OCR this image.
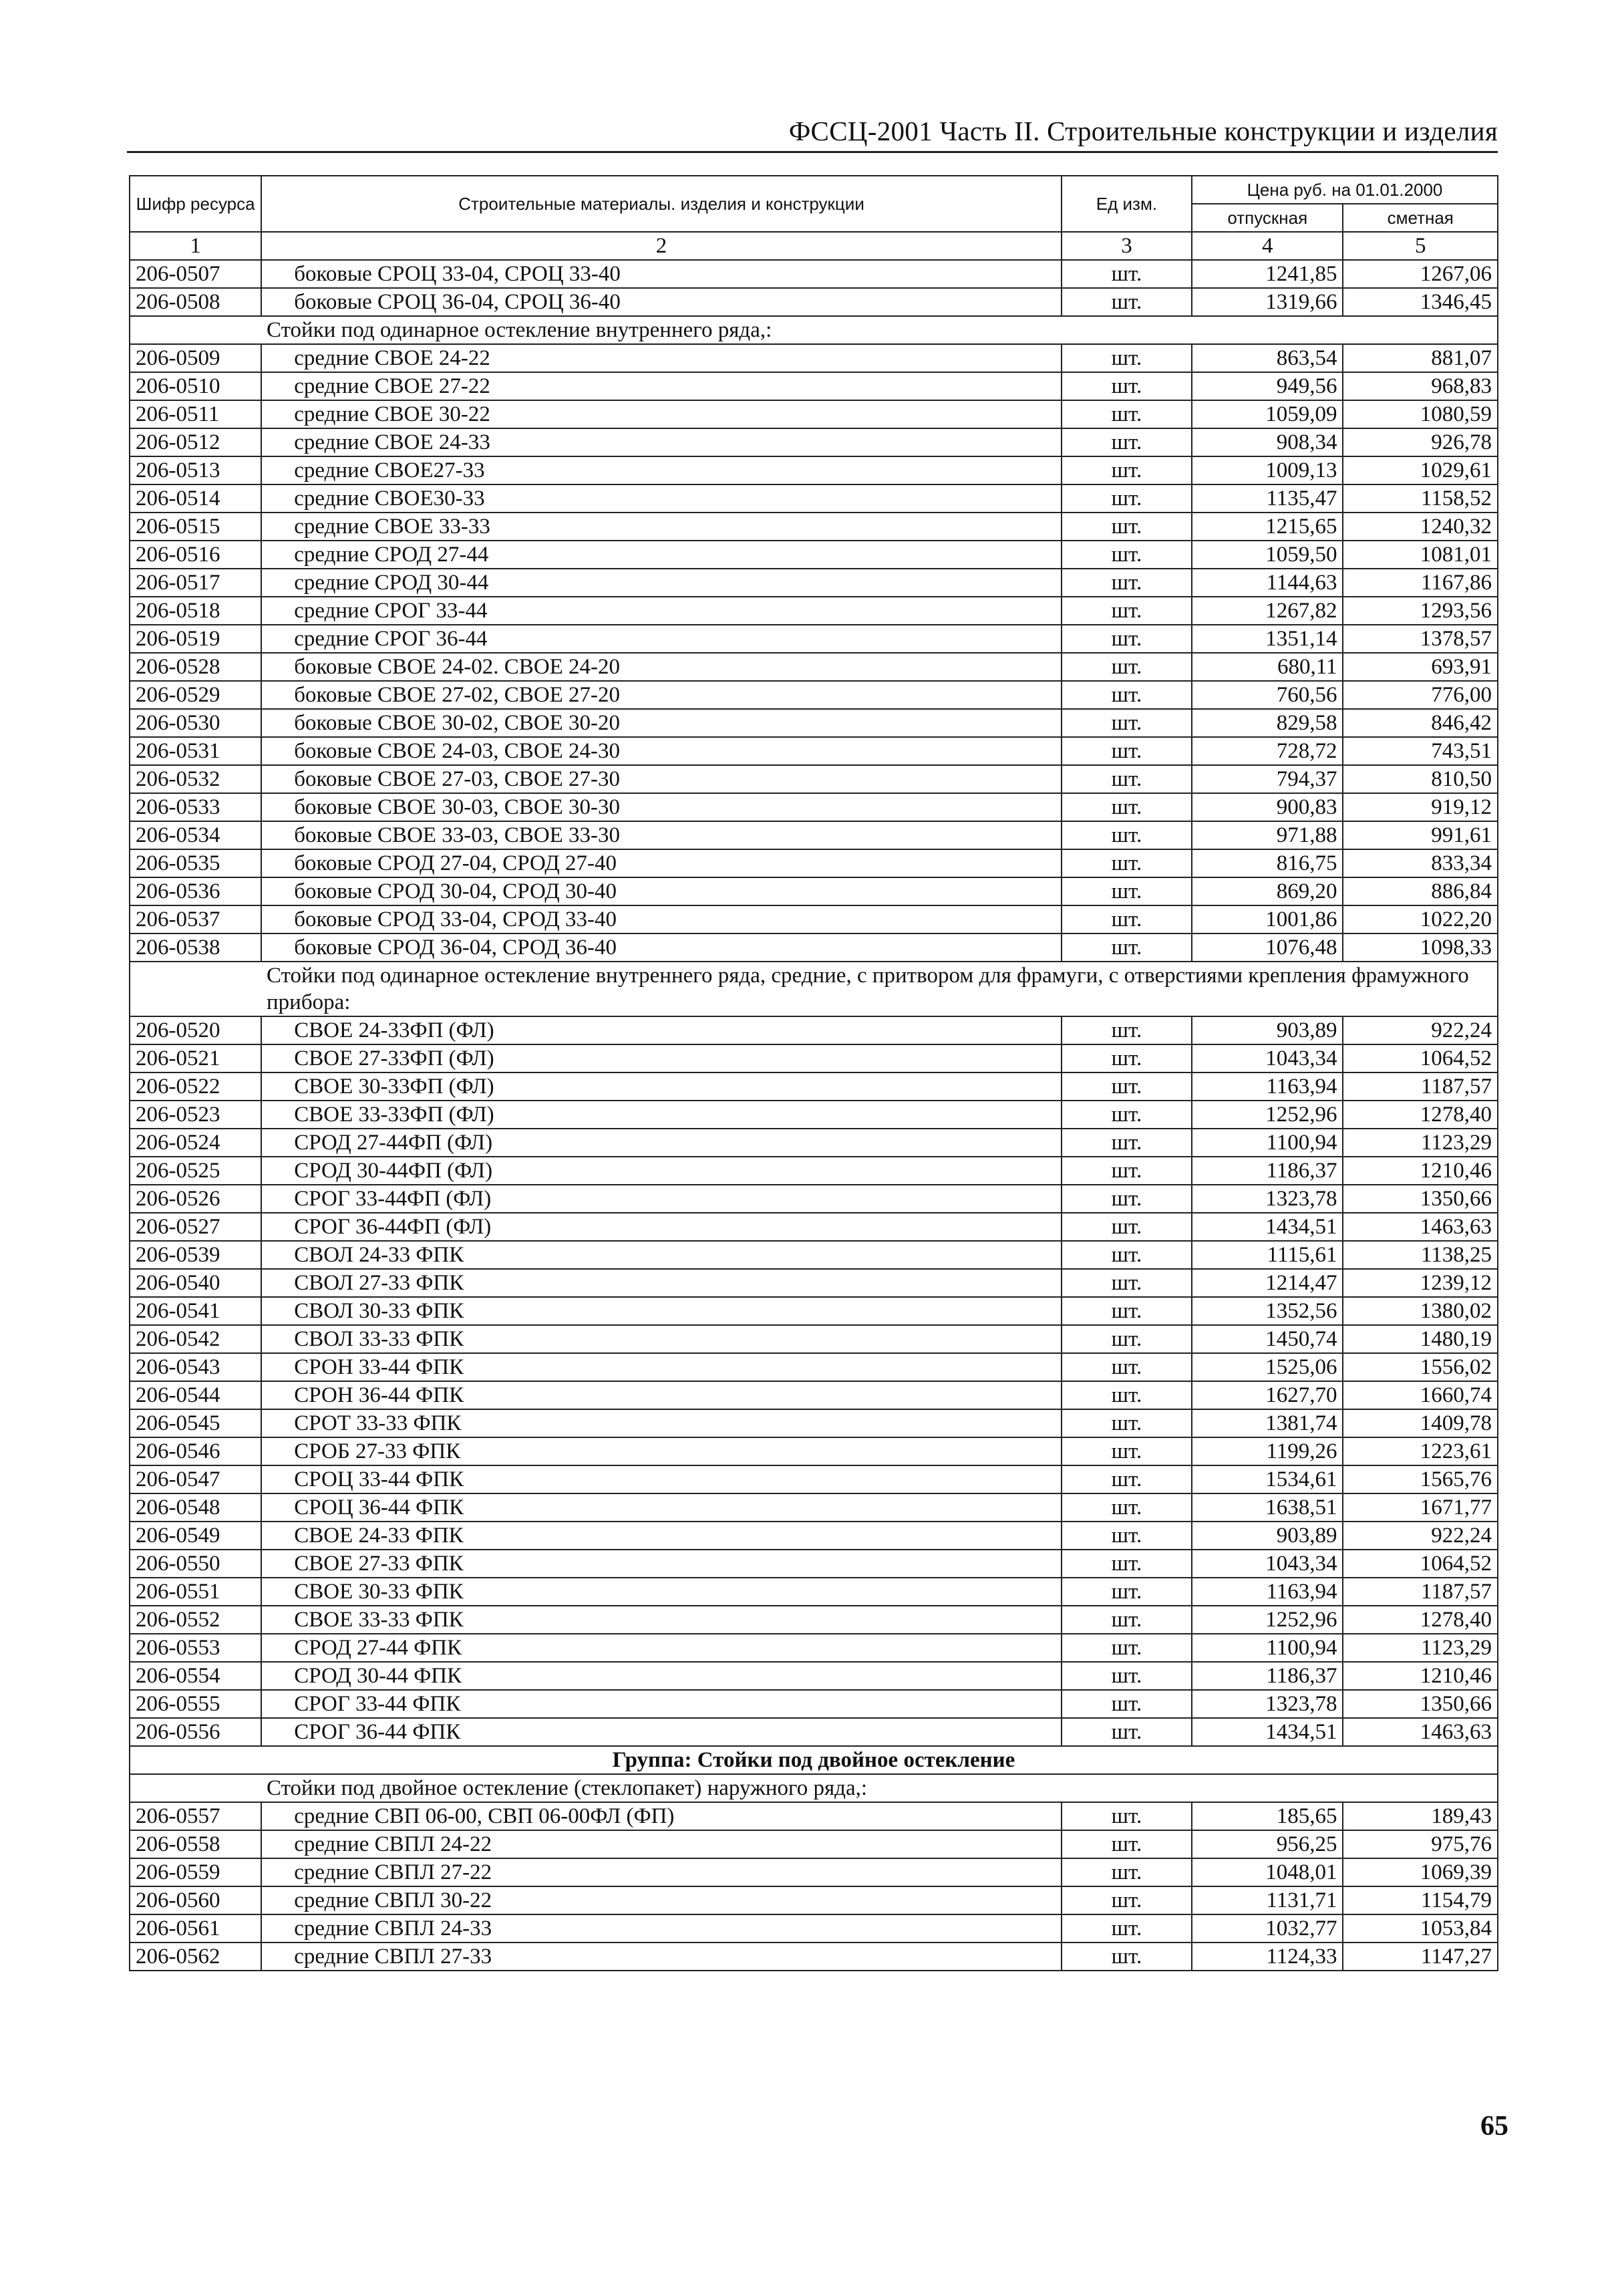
ФССЦ-2001 Часть II. Строительные конструкции и изделия
Шифр ресурса	Строительные материалы. изделия и конструкции	Ед изм.	Цена руб. на 01.01.2000	
			отпускная	сметная
1	2	3	4	5
206-0507	боковые СРОЦ 33-04, СРОЦ 33-40	шт.	1241,85	1267,06
206-0508	боковые СРОЦ 36-04, СРОЦ 36-40	шт.	1319,66	1346,45
Стойки под одинарное остекление внутреннего ряда,:				
206-0509	средние СВОЕ 24-22	шт.	863,54	881,07
206-0510	средние СВОЕ 27-22	шт.	949,56	968,83
206-0511	средние СВОЕ 30-22	шт.	1059,09	1080,59
206-0512	средние СВОЕ 24-33	шт.	908,34	926,78
206-0513	средние СВОЕ27-33	шт.	1009,13	1029,61
206-0514	средние СВОЕ30-33	шт.	1135,47	1158,52
206-0515	средние СВОЕ 33-33	шт.	1215,65	1240,32
206-0516	средние СРОД 27-44	шт.	1059,50	1081,01
206-0517	средние СРОД 30-44	шт.	1144,63	1167,86
206-0518	средние СРОГ 33-44	шт.	1267,82	1293,56
206-0519	средние СРОГ 36-44	шт.	1351,14	1378,57
206-0528	боковые СВОЕ 24-02. СВОЕ 24-20	шт.	680,11	693,91
206-0529	боковые СВОЕ 27-02, СВОЕ 27-20	шт.	760,56	776,00
206-0530	боковые СВОЕ 30-02, СВОЕ 30-20	шт.	829,58	846,42
206-0531	боковые СВОЕ 24-03, СВОЕ 24-30	шт.	728,72	743,51
206-0532	боковые СВОЕ 27-03, СВОЕ 27-30	шт.	794,37	810,50
206-0533	боковые СВОЕ 30-03, СВОЕ 30-30	шт.	900,83	919,12
206-0534	боковые СВОЕ 33-03, СВОЕ 33-30	шт.	971,88	991,61
206-0535	боковые СРОД 27-04, СРОД 27-40	шт.	816,75	833,34
206-0536	боковые СРОД 30-04, СРОД 30-40	шт.	869,20	886,84
206-0537	боковые СРОД 33-04, СРОД 33-40	шт.	1001,86	1022,20
206-0538	боковые СРОД 36-04, СРОД 36-40	шт.	1076,48	1098,33
Стойки под одинарное остекление внутреннего ряда, средние, с притвором для фрамуги, с отверстиями крепления фрамужного прибора:				
206-0520	СВОЕ 24-33ФП (ФЛ)	шт.	903,89	922,24
206-0521	СВОЕ 27-33ФП (ФЛ)	шт.	1043,34	1064,52
206-0522	СВОЕ 30-33ФП (ФЛ)	шт.	1163,94	1187,57
206-0523	СВОЕ 33-33ФП (ФЛ)	шт.	1252,96	1278,40
206-0524	СРОД 27-44ФП (ФЛ)	шт.	1100,94	1123,29
206-0525	СРОД 30-44ФП (ФЛ)	шт.	1186,37	1210,46
206-0526	СРОГ 33-44ФП (ФЛ)	шт.	1323,78	1350,66
206-0527	СРОГ 36-44ФП (ФЛ)	шт.	1434,51	1463,63
206-0539	СВОЛ 24-33 ФПК	шт.	1115,61	1138,25
206-0540	СВОЛ 27-33 ФПК	шт.	1214,47	1239,12
206-0541	СВОЛ 30-33 ФПК	шт.	1352,56	1380,02
206-0542	СВОЛ 33-33 ФПК	шт.	1450,74	1480,19
206-0543	СРОН 33-44 ФПК	шт.	1525,06	1556,02
206-0544	СРОН 36-44 ФПК	шт.	1627,70	1660,74
206-0545	СРОТ 33-33 ФПК	шт.	1381,74	1409,78
206-0546	СРОБ 27-33 ФПК	шт.	1199,26	1223,61
206-0547	СРОЦ 33-44 ФПК	шт.	1534,61	1565,76
206-0548	СРОЦ 36-44 ФПК	шт.	1638,51	1671,77
206-0549	СВОЕ 24-33 ФПК	шт.	903,89	922,24
206-0550	СВОЕ 27-33 ФПК	шт.	1043,34	1064,52
206-0551	СВОЕ 30-33 ФПК	шт.	1163,94	1187,57
206-0552	СВОЕ 33-33 ФПК	шт.	1252,96	1278,40
206-0553	СРОД 27-44 ФПК	шт.	1100,94	1123,29
206-0554	СРОД 30-44 ФПК	шт.	1186,37	1210,46
206-0555	СРОГ 33-44 ФПК	шт.	1323,78	1350,66
206-0556	СРОГ 36-44 ФПК	шт.	1434,51	1463,63
Группа: Стойки под двойное остекление				
Стойки под двойное остекление (стеклопакет) наружного ряда,:				
206-0557	средние СВП 06-00, СВП 06-00ФЛ (ФП)	шт.	185,65	189,43
206-0558	средние СВПЛ 24-22	шт.	956,25	975,76
206-0559	средние СВПЛ 27-22	шт.	1048,01	1069,39
206-0560	средние СВПЛ 30-22	шт.	1131,71	1154,79
206-0561	средние СВПЛ 24-33	шт.	1032,77	1053,84
206-0562	средние СВПЛ 27-33	шт.	1124,33	1147,27
65
